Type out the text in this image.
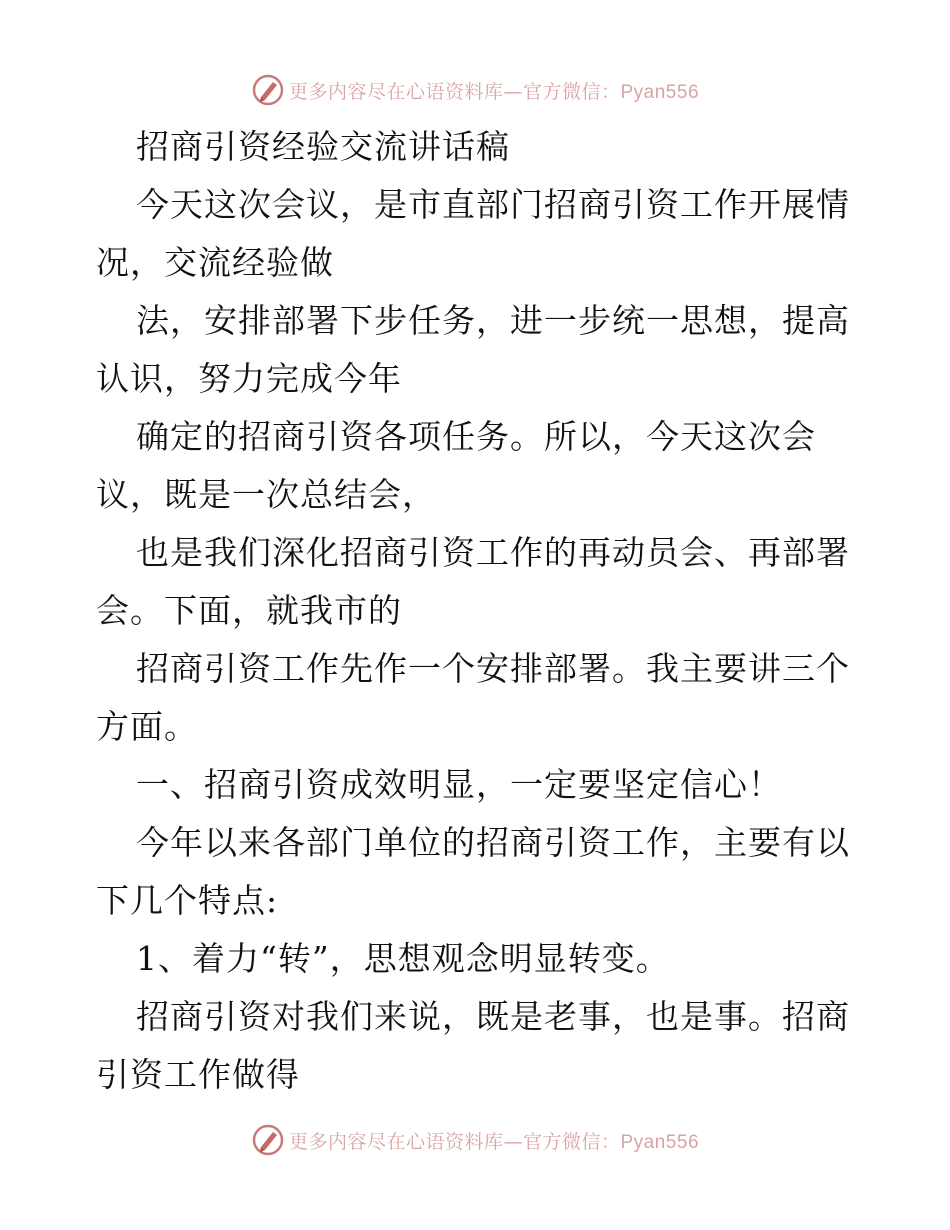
更多内容尽在心语资料库—官方微信：Pyan556
招商引资经验交流讲话稿
今天这次会议，是市直部门招商引资工作开展情
况，交流经验做
法，安排部署下步任务，进一步统一思想，提高
认识，努力完成今年
确定的招商引资各项任务。所以，今天这次会
议，既是一次总结会，
也是我们深化招商引资工作的再动员会、再部署
会。下面，就我市的
招商引资工作先作一个安排部署。我主要讲三个
方面。
一、招商引资成效明显，一定要坚定信心！
今年以来各部门单位的招商引资工作，主要有以
下几个特点:
1、着力“转”，思想观念明显转变。
招商引资对我们来说，既是老事，也是事。招商
引资工作做得
更多内容尽在心语资料库—官方微信：Pyan556
